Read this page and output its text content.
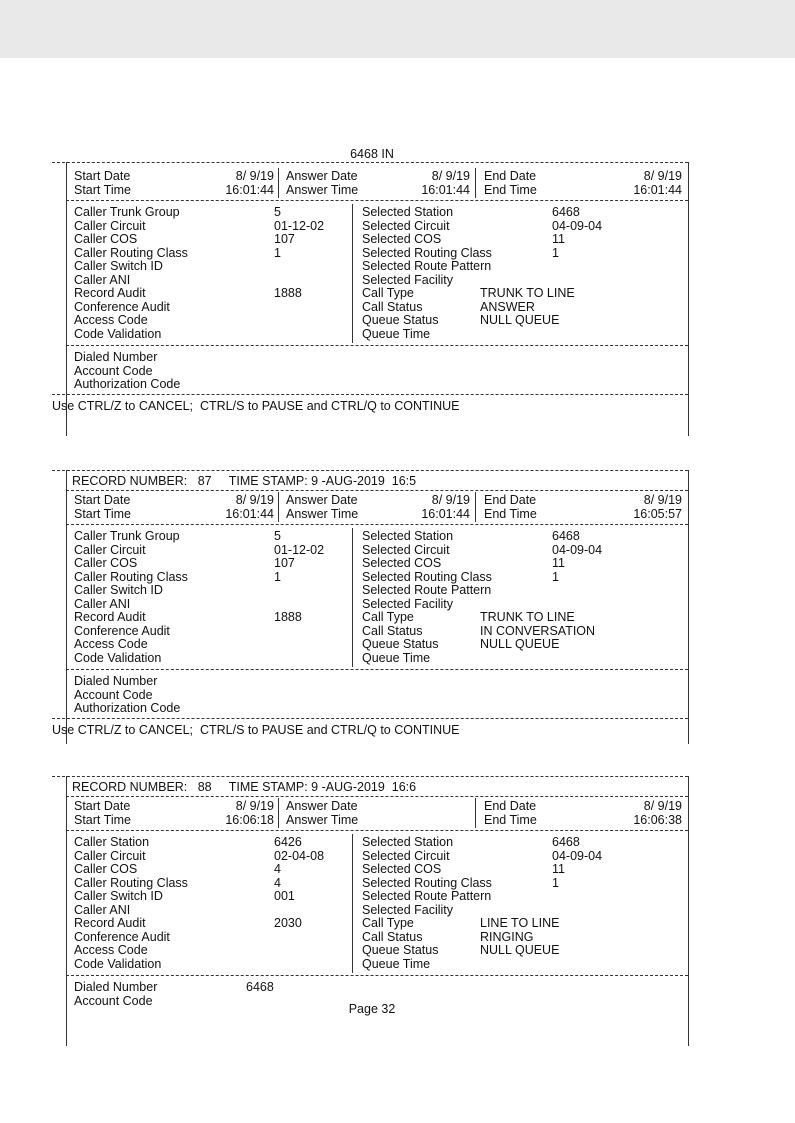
6468 IN
Start Date	8/ 9/19
Start Time	16:01:44
Answer Date	8/ 9/19
Answer Time	16:01:44
End Date	8/ 9/19
End Time	16:01:44
Caller Trunk Group	5
Caller Circuit	01-12-02
Caller COS	107
Caller Routing Class	1
Caller Switch ID
Caller ANI
Record Audit	1888
Conference Audit
Access Code
Code Validation
Selected Station	6468
Selected Circuit	04-09-04
Selected COS	11
Selected Routing Class	1
Selected Route Pattern
Selected Facility
Call Type	TRUNK TO LINE
Call Status	ANSWER
Queue Status	NULL QUEUE
Queue Time
Dialed Number
Account Code
Authorization Code
Use CTRL/Z to CANCEL;  CTRL/S to PAUSE and CTRL/Q to CONTINUE
RECORD NUMBER:   87     TIME STAMP: 9 -AUG-2019  16:5
Start Date	8/ 9/19
Start Time	16:01:44
Answer Date	8/ 9/19
Answer Time	16:01:44
End Date	8/ 9/19
End Time	16:05:57
Caller Trunk Group	5
Caller Circuit	01-12-02
Caller COS	107
Caller Routing Class	1
Caller Switch ID
Caller ANI
Record Audit	1888
Conference Audit
Access Code
Code Validation
Selected Station	6468
Selected Circuit	04-09-04
Selected COS	11
Selected Routing Class	1
Selected Route Pattern
Selected Facility
Call Type	TRUNK TO LINE
Call Status	IN CONVERSATION
Queue Status	NULL QUEUE
Queue Time
Dialed Number
Account Code
Authorization Code
Use CTRL/Z to CANCEL;  CTRL/S to PAUSE and CTRL/Q to CONTINUE
RECORD NUMBER:   88     TIME STAMP: 9 -AUG-2019  16:6
Start Date	8/ 9/19
Start Time	16:06:18
Answer Date
Answer Time
End Date	8/ 9/19
End Time	16:06:38
Caller Station	6426
Caller Circuit	02-04-08
Caller COS	4
Caller Routing Class	4
Caller Switch ID	001
Caller ANI
Record Audit	2030
Conference Audit
Access Code
Code Validation
Selected Station	6468
Selected Circuit	04-09-04
Selected COS	11
Selected Routing Class	1
Selected Route Pattern
Selected Facility
Call Type	LINE TO LINE
Call Status	RINGING
Queue Status	NULL QUEUE
Queue Time
Dialed Number	6468
Account Code
Page 32
